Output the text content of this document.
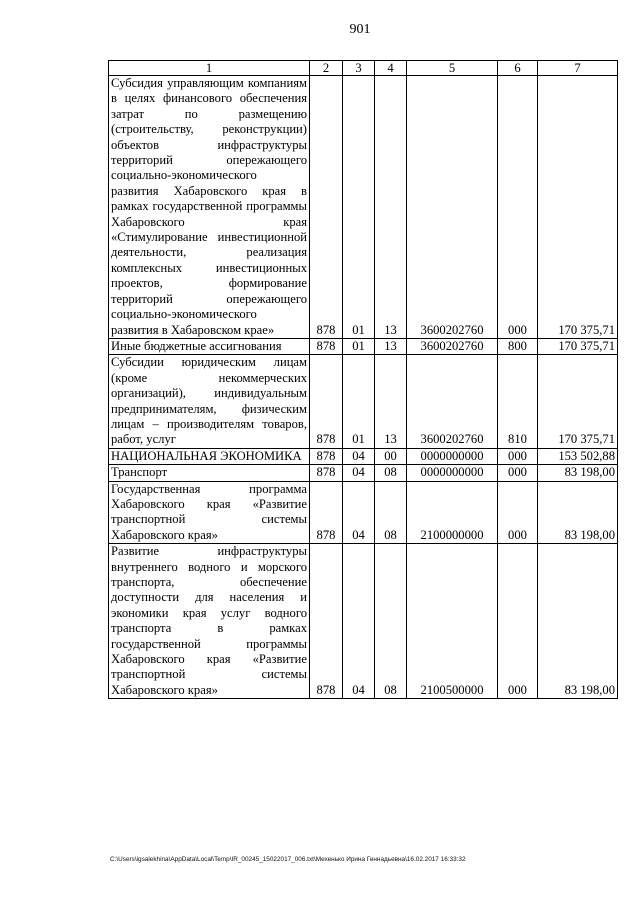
901
1	2	3	4	5	6	7
Субсидия управляющим компаниям в целях финансового обеспечения затрат по размещению (строительству, реконструкции) объектов инфраструктуры территорий опережающего социально-экономического развития Хабаровского края в рамках государственной программы Хабаровского края «Стимулирование инвестиционной деятельности, реализация комплексных инвестиционных проектов, формирование территорий опережающего социально-экономического развития в Хабаровском крае»	878	01	13	3600202760	000	170 375,71
Иные бюджетные ассигнования	878	01	13	3600202760	800	170 375,71
Субсидии юридическим лицам (кроме некоммерческих организаций), индивидуальным предпринимателям, физическим лицам – производителям товаров, работ, услуг	878	01	13	3600202760	810	170 375,71
НАЦИОНАЛЬНАЯ ЭКОНОМИКА	878	04	00	0000000000	000	153 502,88
Транспорт	878	04	08	0000000000	000	83 198,00
Государственная программа Хабаровского края «Развитие транспортной системы Хабаровского края»	878	04	08	2100000000	000	83 198,00
Развитие инфраструктуры внутреннего водного и морского транспорта, обеспечение доступности для населения и экономики края услуг водного транспорта в рамках государственной программы Хабаровского края «Развитие транспортной системы Хабаровского края»	878	04	08	2100500000	000	83 198,00
C:\Users\igsalekhina\AppData\Local\Temp\IR_00245_15022017_006.txt\Мехенько Ирина Геннадьевна\16.02.2017 16:33:32
